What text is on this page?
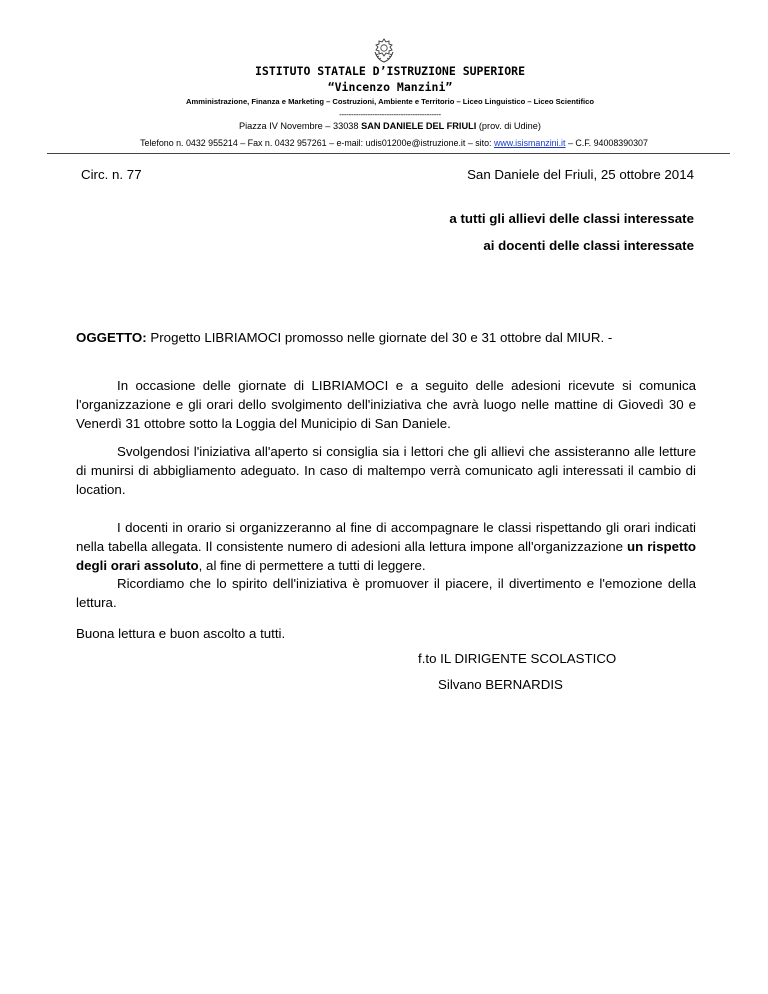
ISTITUTO STATALE D’ISTRUZIONE SUPERIORE
“Vincenzo Manzini”
Amministrazione, Finanza e Marketing – Costruzioni, Ambiente e Territorio – Liceo Linguistico – Liceo Scientifico
-------------------------------------------
Piazza IV Novembre – 33038 SAN DANIELE DEL FRIULI (prov. di Udine)
Telefono n. 0432 955214 – Fax n. 0432 957261 – e-mail: udis01200e@istruzione.it – sito: www.isismanzini.it – C.F. 94008390307
Circ. n. 77	San Daniele del Friuli, 25 ottobre 2014
a tutti gli allievi delle classi interessate
ai docenti delle classi interessate
OGGETTO: Progetto LIBRIAMOCI promosso nelle giornate del 30 e 31 ottobre dal MIUR. -
In occasione delle giornate di LIBRIAMOCI e a seguito delle adesioni ricevute si comunica l'organizzazione e gli orari dello svolgimento dell'iniziativa che avrà luogo nelle mattine di Giovedì 30 e Venerdì 31 ottobre sotto la Loggia del Municipio di San Daniele.
Svolgendosi l'iniziativa all'aperto si consiglia sia i lettori che gli allievi che assisteranno alle letture di munirsi di abbigliamento adeguato. In caso di maltempo verrà comunicato agli interessati il cambio di location.
I docenti in orario si organizzeranno al fine di accompagnare le classi rispettando gli orari indicati nella tabella allegata. Il consistente numero di adesioni alla lettura impone all'organizzazione un rispetto degli orari assoluto, al fine di permettere a tutti di leggere.
Ricordiamo che lo spirito dell'iniziativa è promuover il piacere, il divertimento e l'emozione della lettura.
Buona lettura e buon ascolto a tutti.
f.to IL DIRIGENTE SCOLASTICO
Silvano BERNARDIS
